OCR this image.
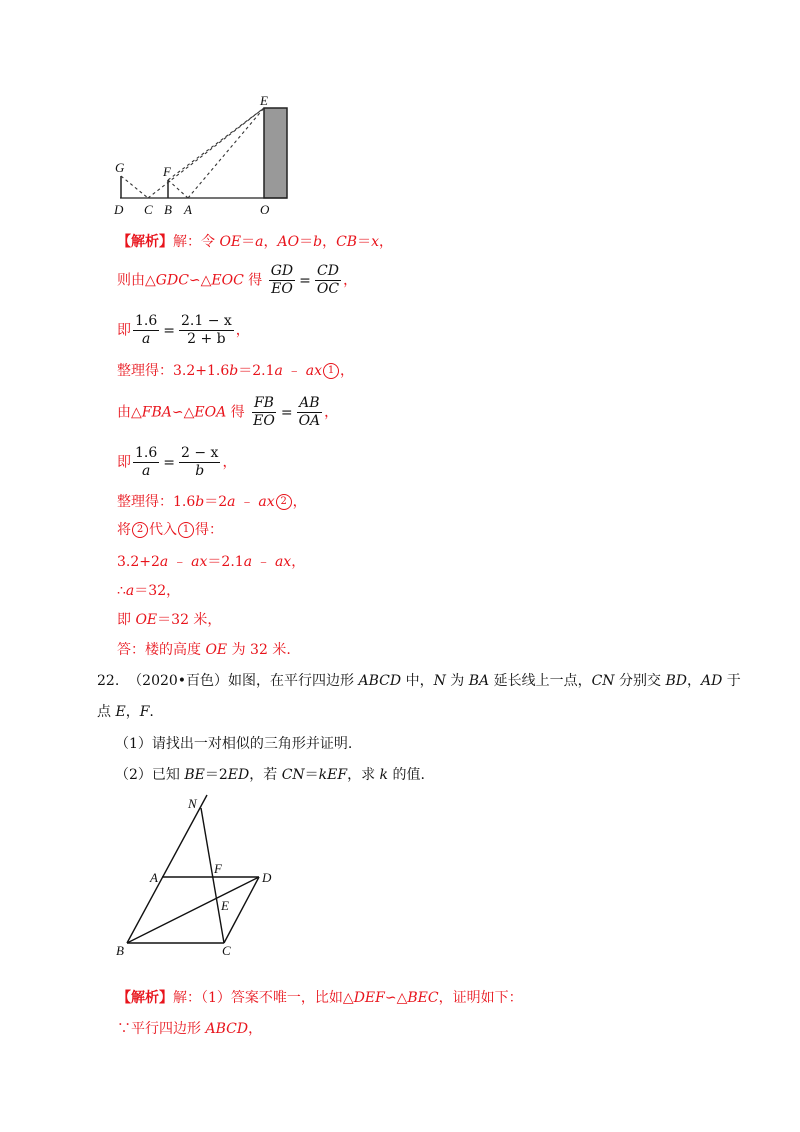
E
G	F
D C B A	O
【解析】解：令 OE＝a，AO＝b，CB＝x，
则由△GDC∽△EOC 得 $\frac{GD}{EO} = \frac{CD}{OC}$ ，
即 $\frac{1.6}{a} = \frac{2.1 - x}{2 + b}$ ，
整理得：3.2+1.6b＝2.1a ﹣ ax 1 ，
由△FBA∽△EOA 得 $\frac{FB}{EO} = \frac{AB}{OA}$ ，
即 $\frac{1.6}{a} = \frac{2 - x}{b}$ ，
整理得：1.6b＝2a ﹣ ax 2 ，
将 2 代入 1 得：
3.2+2a ﹣ ax＝2.1a ﹣ ax，
∴a＝32，
即 OE＝32 米，
答：楼的高度 OE 为 32 米.
22. （2020•百色）如图，在平行四边形 ABCD 中，N 为 BA 延长线上一点，CN 分别交 BD，AD 于
点 E，F.
（1）请找出一对相似的三角形并证明.
（2）已知 BE＝2ED，若 CN＝kEF，求 k 的值.
N
A
F
D
E
B	C
【解析】解：（1）答案不唯一，比如△DEF∽△BEC，证明如下：
∵平行四边形 ABCD，
